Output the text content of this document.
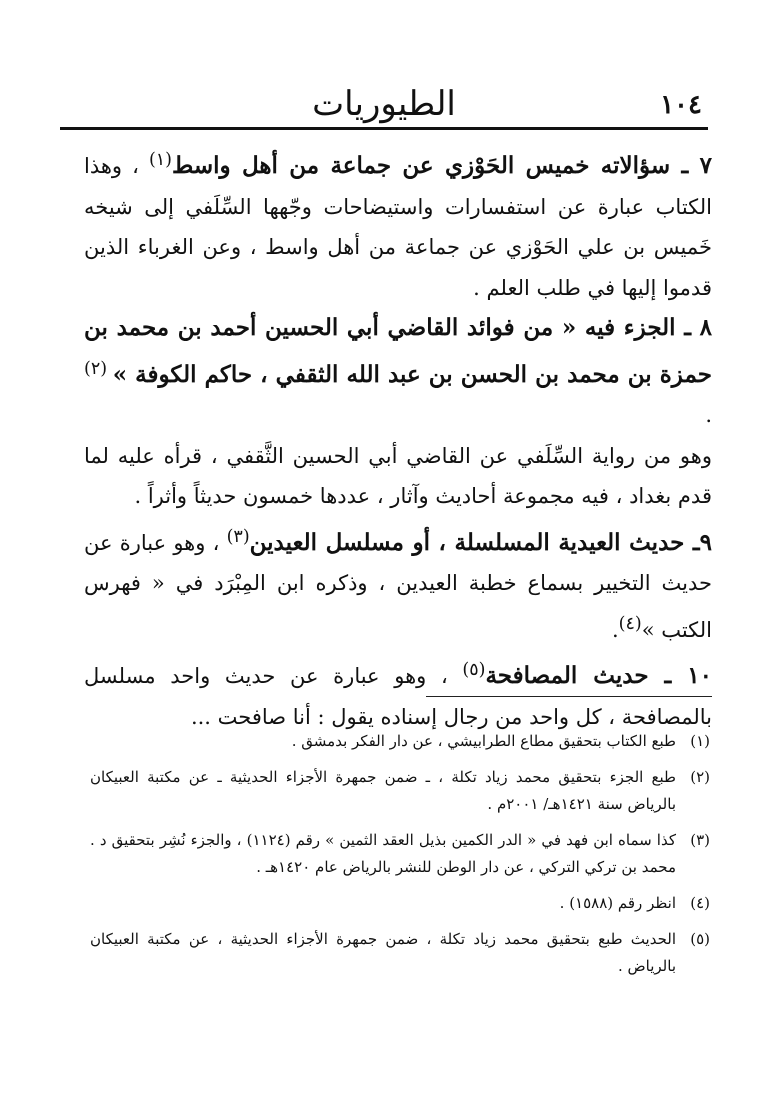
الطيوريات	١٠٤

٧ ـ سؤالاته خميس الحَوْزي عن جماعة من أهل واسط$^{(١)}$ ، وهذا الكتاب عبارة عن استفسارات واستيضاحات وجّهها السِّلَفي إلى شيخه خَميس بن علي الحَوْزي عن جماعة من أهل واسط ، وعن الغرباء الذين قدموا إليها في طلب العلم .

٨ ـ الجزء فيه « من فوائد القاضي أبي الحسين أحمد بن محمد بن حمزة بن محمد بن الحسن بن عبد الله الثقفي ، حاكم الكوفة » $^{(٢)}$ .

وهو من رواية السِّلَفي عن القاضي أبي الحسين الثَّقفي ، قرأه عليه لما قدم بغداد ، فيه مجموعة أحاديث وآثار ، عددها خمسون حديثاً وأثراً .

٩ـ حديث العيدية المسلسلة ، أو مسلسل العيدين$^{(٣)}$ ، وهو عبارة عن حديث التخيير بسماع خطبة العيدين ، وذكره ابن المِبْرَد في « فهرس الكتب »$^{(٤)}$.

١٠ ـ حديث المصافحة$^{(٥)}$ ، وهو عبارة عن حديث واحد مسلسل بالمصافحة ، كل واحد من رجال إسناده يقول : أنا صافحت ...

(١)
طبع الكتاب بتحقيق مطاع الطرابيشي ، عن دار الفكر بدمشق .
(٢)
طبع الجزء بتحقيق محمد زياد تكلة ، ـ ضمن جمهرة الأجزاء الحديثية ـ عن مكتبة العبيكان بالرياض سنة ١٤٢١هـ/ ٢٠٠١م .
(٣)
كذا سماه ابن فهد في « الدر الكمين بذيل العقد الثمين » رقم (١١٢٤) ، والجزء نُشِر بتحقيق د . محمد بن تركي التركي ، عن دار الوطن للنشر بالرياض عام ١٤٢٠هـ .
(٤)
انظر رقم (١٥٨٨) .
(٥)
الحديث طبع بتحقيق محمد زياد تكلة ، ضمن جمهرة الأجزاء الحديثية ، عن مكتبة العبيكان بالرياض .
